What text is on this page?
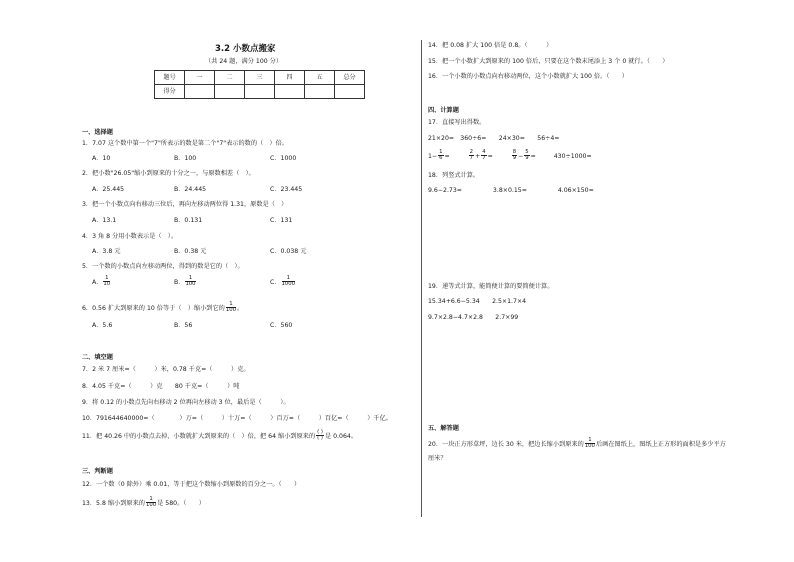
3.2 小数点搬家
（共 24 题，满分 100 分）
题号	一	二	三	四	五	总分
得分						
一、选择题
1．7.07 这个数中第一个"7"所表示的数是第二个"7"表示的数的（　）倍。
A．10	B．100	C．1000
2．把小数"26.05"缩小到原来的十分之一，与原数相差（　）。
A．25.445	B．24.445	C．23.445
3．把一个小数点向右移动三位后，再向左移动两位得 1.31，原数是（　）
A．13.1	B．0.131	C．131
4．3 角 8 分用小数表示是（　）。
A．3.8 元	B．0.38 元	C．0.038 元
5．一个数的小数点向左移动两位，得到的数是它的（　）。
A． $\frac{1}{10}$	B． $\frac{1}{100}$	C． $\frac{1}{1000}$
6．0.56 扩大到原来的 10 倍等于（　）缩小到它的 $\frac{1}{100}$ 。
A．5.6	B．56	C．560
二、填空题
7．2 米 7 厘米=（　　　）米，0.78 千克=（　　　）克。
8．4.05 千克=（　　　）克　　80 千克=（　　　）吨
9．将 0.12 的小数点先向右移动 2 位再向左移动 3 位，最后是（　　　）。
10．791644640000=（　　　　）万=（　　　）十万=（　　　）百万=（　　　）百亿=（　　　）千亿。
11．把 40.26 中的小数点去掉，小数就扩大到原来的（　）倍，把 64 缩小到原来的 $\frac{( )}{( )}$ 是 0.064。
三、判断题
12．一个数（0 除外）乘 0.01，等于把这个数缩小到原数的百分之一。（　　）
13．5.8 缩小到原来的 $\frac{1}{100}$ 是 580。（　　）
14．把 0.08 扩大 100 倍是 0.8。（　　　）
15．把一个小数扩大到原来的 100 倍后，只要在这个数末尾添上 3 个 0 就行。（　　）
16．一个小数的小数点向右移动两位，这个小数就扩大 100 倍。（　　）
四、计算题
17．直接写出得数。
21×20=　360÷6=　　24×30=　　56÷4=
$1- \frac{1}{6}$ =	$\frac{2}{7} + \frac{4}{7}$ =	$\frac{8}{9} - \frac{5}{9}$ =	430÷1000=
18．列竖式计算。
9.6−2.73=　　　　　3.8×0.15=　　　　　4.06×150=
19．递等式计算，能简便计算的要简便计算。
15.34+6.6−5.34　　2.5×1.7×4
9.7×2.8−4.7×2.8　　2.7×99
五、解答题
20．一块正方形草坪，边长 30 米，把边长缩小到原来的 $\frac{1}{100}$ 后画在图纸上，图纸上正方形的面积是多少平方
厘米？
